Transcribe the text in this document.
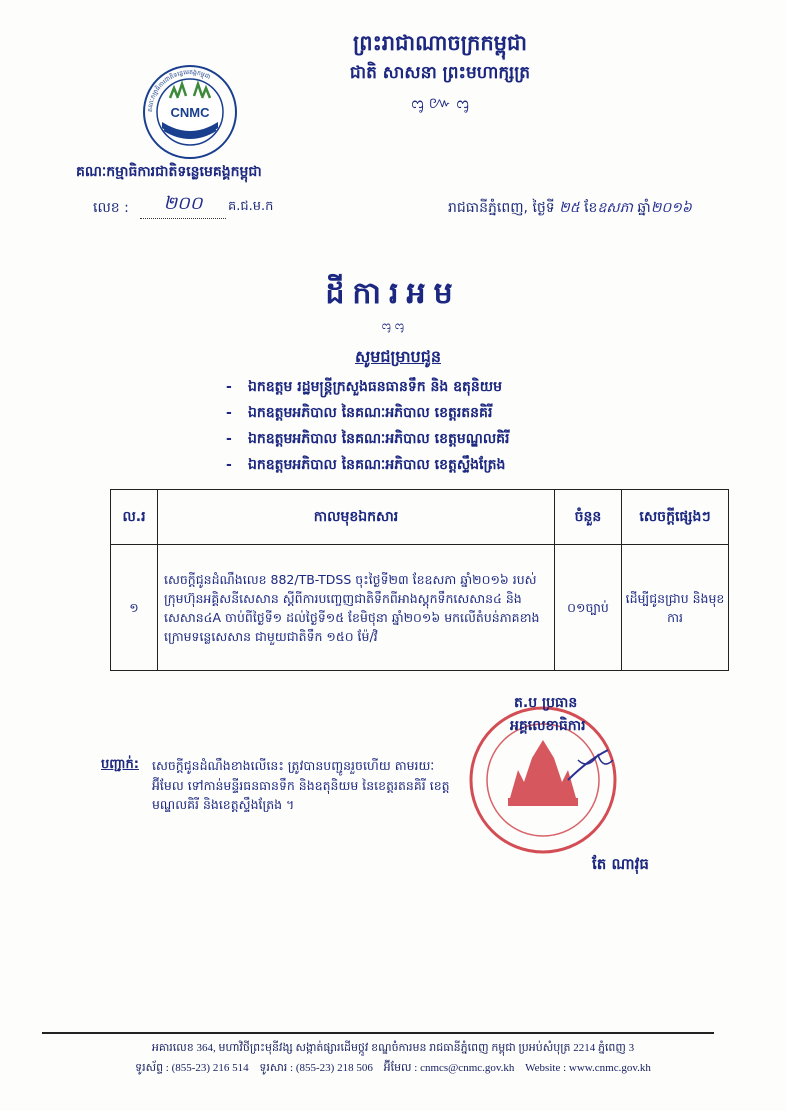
ព្រះរាជាណាចក្រកម្ពុជា
ជាតិ សាសនា ព្រះមហាក្សត្រ
ᧅ ៚ ᧅ
CNMC
គណៈកម្មាធិការជាតិទន្លេមេគង្គកម្ពុជា
គណៈកម្មាធិការជាតិទន្លេមេគង្គកម្ពុជា
លេខ :	២០០	គ.ជ.ម.ក	រាជធានីភ្នំពេញ, ថ្ងៃទី ២៥ ខែឧសភា ឆ្នាំ២០១៦
ដីការអម
ᧅ ᧅ
សូមជម្រាបជូន
- ឯកឧត្តម រដ្ឋមន្ត្រីក្រសួងធនធានទឹក និង ឧតុនិយម
- ឯកឧត្តមអភិបាល នៃគណៈអភិបាល ខេត្តរតនគិរី
- ឯកឧត្តមអភិបាល នៃគណៈអភិបាល ខេត្តមណ្ឌលគិរី
- ឯកឧត្តមអភិបាល នៃគណៈអភិបាល ខេត្តស្ទឹងត្រែង
ល.រ	កាលមុខឯកសារ	ចំនួន	សេចក្តីផ្សេងៗ
១	សេចក្តីជូនដំណឹងលេខ 882/TB-TDSS ចុះថ្ងៃទី២៣ ខែឧសភា ឆ្នាំ២០១៦ របស់ក្រុមហ៊ុនអគ្គិសនីសេសាន ស្តីពីការបញ្ចេញជាតិទឹកពីអាងស្តុកទឹកសេសាន៤ និងសេសាន៤A ចាប់ពីថ្ងៃទី១ ដល់ថ្ងៃទី១៥ ខែមិថុនា ឆ្នាំ២០១៦ មកលើតំបន់ភាគខាងក្រោមទន្លេសេសាន ជាមួយជាតិទឹក ១៥០ ម៉ែ/វិ	០១ច្បាប់	ដើម្បីជូនជ្រាប និងមុខការ
ត.ប ប្រធាន
អគ្គលេខាធិការ
តែ ណាវុធ
បញ្ជាក់: សេចក្តីជូនដំណឹងខាងលើនេះ ត្រូវបានបញ្ជូនរួចហើយ តាមរយៈអ៊ីមែល ទៅកាន់មន្ទីរធនធានទឹក និងឧតុនិយម នៃខេត្តរតនគិរី ខេត្តមណ្ឌលគិរី និងខេត្តស្ទឹងត្រែង ។
អគារលេខ 364, មហាវិថីព្រះមុនីវង្ស សង្កាត់ផ្សារដើមថ្កូវ ខណ្ឌចំការមន រាជធានីភ្នំពេញ កម្ពុជា ប្រអប់សំបុត្រ 2214 ភ្នំពេញ 3
ទូរស័ព្ទ : (855-23) 216 514 ទូរសារ : (855-23) 218 506 អ៊ីមែល : cnmcs@cnmc.gov.kh Website : www.cnmc.gov.kh
